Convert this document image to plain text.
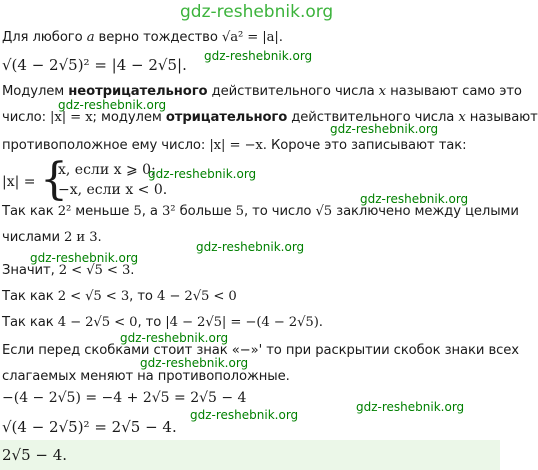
gdz-reshebnik.org
Для любого a верно тождество √a² = |a|.
gdz-reshebnik.org
√(4 − 2√5)² = |4 − 2√5|.
Модулем неотрицательного действительного числа x называют само это
gdz-reshebnik.org
число: |x| = x; модулем отрицательного действительного числа x называют
gdz-reshebnik.org
противоположное ему число: |x| = −x. Короче это записывают так:
|x| = {
x, если x ⩾ 0;
−x, если x < 0.
gdz-reshebnik.org
gdz-reshebnik.org
Так как 2² меньше 5, а 3² больше 5, то число √5 заключено между целыми
числами 2 и 3.
gdz-reshebnik.org
gdz-reshebnik.org
Значит, 2 < √5 < 3.
Так как 2 < √5 < 3, то 4 − 2√5 < 0
Так как 4 − 2√5 < 0, то |4 − 2√5| = −(4 − 2√5).
gdz-reshebnik.org
Если перед скобками стоит знак «−»' то при раскрытии скобок знаки всех
gdz-reshebnik.org
слагаемых меняют на противоположные.
−(4 − 2√5) = −4 + 2√5 = 2√5 − 4
gdz-reshebnik.org
gdz-reshebnik.org
√(4 − 2√5)² = 2√5 − 4.
2√5 − 4.
